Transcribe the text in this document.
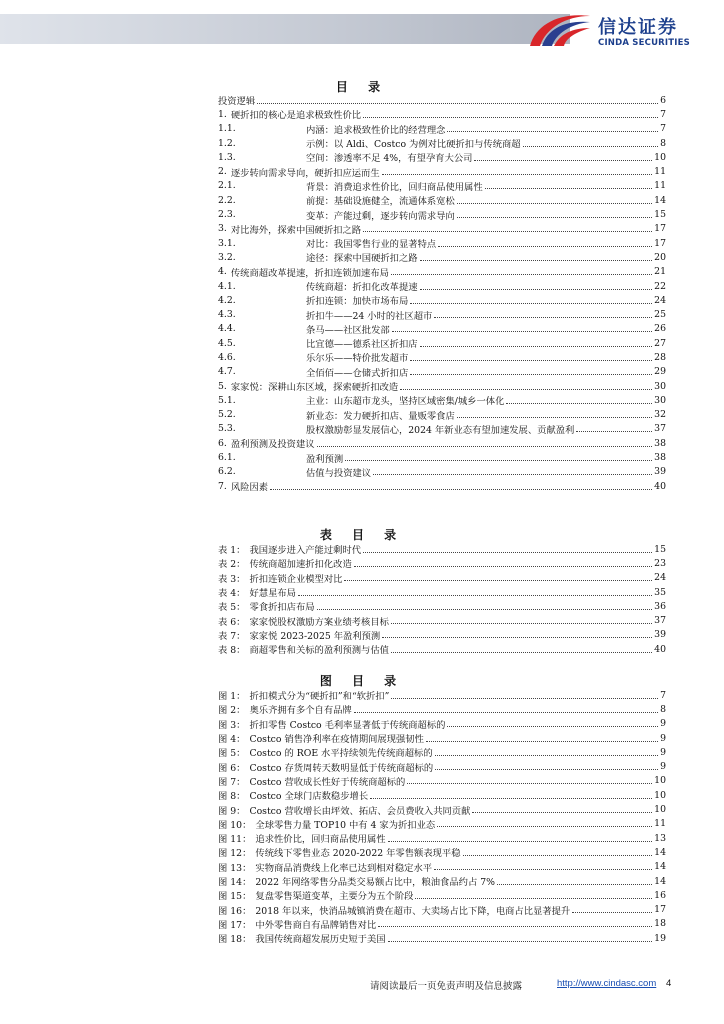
信达证券
CINDA SECURITIES
目 录
投资逻辑	6
1. 硬折扣的核心是追求极致性价比	7
1.1.	内涵：追求极致性价比的经营理念	7
1.2.	示例：以 Aldi、Costco 为例对比硬折扣与传统商超	8
1.3.	空间：渗透率不足 4%，有望孕育大公司	10
2. 逐步转向需求导向，硬折扣应运而生	11
2.1.	背景：消费追求性价比，回归商品使用属性	11
2.2.	前提：基础设施健全，流通体系宽松	14
2.3.	变革：产能过剩，逐步转向需求导向	15
3. 对比海外，探索中国硬折扣之路	17
3.1.	对比：我国零售行业的显著特点	17
3.2.	途径：探索中国硬折扣之路	20
4. 传统商超改革提速，折扣连锁加速布局	21
4.1.	传统商超：折扣化改革提速	22
4.2.	折扣连锁：加快市场布局	24
4.3.	折扣牛——24 小时的社区超市	25
4.4.	条马——社区批发部	26
4.5.	比宜德——德系社区折扣店	27
4.6.	乐尔乐——特价批发超市	28
4.7.	全佰佰——仓储式折扣店	29
5. 家家悦：深耕山东区域，探索硬折扣改造	30
5.1.	主业：山东超市龙头，坚持区域密集/城乡一体化	30
5.2.	新业态：发力硬折扣店、量贩零食店	32
5.3.	股权激励彰显发展信心，2024 年新业态有望加速发展、贡献盈利	37
6. 盈利预测及投资建议	38
6.1.	盈利预测	38
6.2.	估值与投资建议	39
7. 风险因素	40
表 目 录
表 1： 我国逐步进入产能过剩时代	15
表 2： 传统商超加速折扣化改造	23
表 3： 折扣连锁企业模型对比	24
表 4： 好慧星布局	35
表 5： 零食折扣店布局	36
表 6： 家家悦股权激励方案业绩考核目标	37
表 7： 家家悦 2023-2025 年盈利预测	39
表 8： 商超零售和关标的盈利预测与估值	40
图 目 录
图 1： 折扣模式分为“硬折扣”和“软折扣”	7
图 2： 奥乐齐拥有多个自有品牌	8
图 3： 折扣零售 Costco 毛利率显著低于传统商超标的	9
图 4： Costco 销售净利率在疫情期间展现强韧性	9
图 5： Costco 的 ROE 水平持续领先传统商超标的	9
图 6： Costco 存货周转天数明显低于传统商超标的	9
图 7： Costco 营收成长性好于传统商超标的	10
图 8： Costco 全球门店数稳步增长	10
图 9： Costco 营收增长由坪效、拓店、会员费收入共同贡献	10
图 10： 全球零售力量 TOP10 中有 4 家为折扣业态	11
图 11： 追求性价比，回归商品使用属性	13
图 12： 传统线下零售业态 2020-2022 年零售额表现平稳	14
图 13： 实物商品消费线上化率已达到相对稳定水平	14
图 14： 2022 年网络零售分品类交易额占比中，粮油食品约占 7%	14
图 15： 复盘零售渠道变革，主要分为五个阶段	16
图 16： 2018 年以来，快消品城镇消费在超市、大卖场占比下降，电商占比显著提升	17
图 17： 中外零售商自有品牌销售对比	18
图 18： 我国传统商超发展历史短于美国	19
请阅读最后一页免责声明及信息披露	http://www.cindasc.com 4
